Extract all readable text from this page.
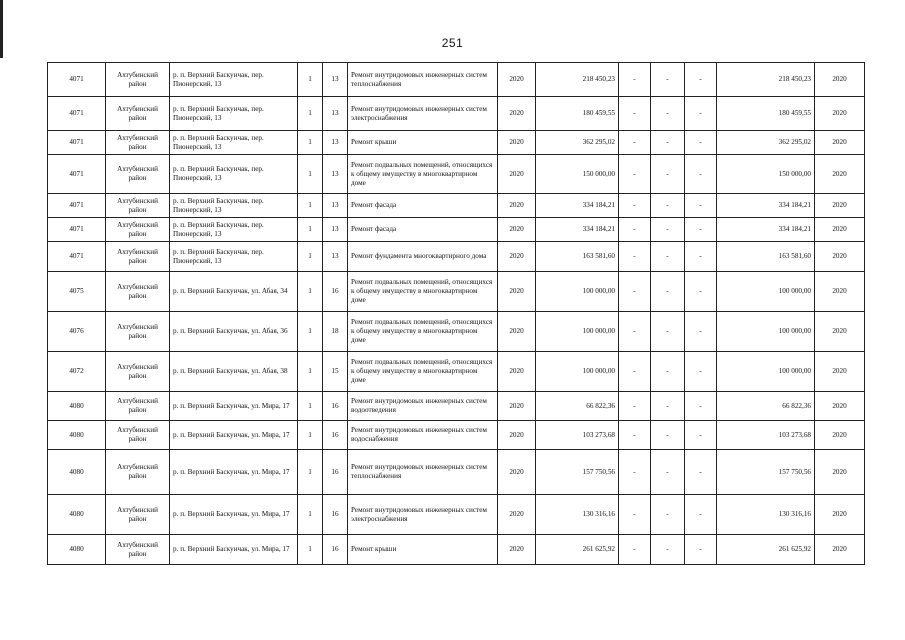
251
4071	Ахтубинский район	р. п. Верхний Баскунчак, пер. Пионерский, 13	1	13	Ремонт внутридомовых инженерных систем теплоснабжения	2020	218 450,23	-	-	-	218 450,23	2020
4071	Ахтубинский район	р. п. Верхний Баскунчак, пер. Пионерский, 13	1	13	Ремонт внутридомовых инженерных систем электроснабжения	2020	180 459,55	-	-	-	180 459,55	2020
4071	Ахтубинский район	р. п. Верхний Баскунчак, пер. Пионерский, 13	1	13	Ремонт крыши	2020	362 295,02	-	-	-	362 295,02	2020
4071	Ахтубинский район	р. п. Верхний Баскунчак, пер. Пионерский, 13	1	13	Ремонт подвальных помещений, относящихся к общему имуществу в многоквартирном доме	2020	150 000,00	-	-	-	150 000,00	2020
4071	Ахтубинский район	р. п. Верхний Баскунчак, пер. Пионерский, 13	1	13	Ремонт фасада	2020	334 184,21	-	-	-	334 184,21	2020
4071	Ахтубинский район	р. п. Верхний Баскунчак, пер. Пионерский, 13	1	13	Ремонт фасада	2020	334 184,21	-	-	-	334 184,21	2020
4071	Ахтубинский район	р. п. Верхний Баскунчак, пер. Пионерский, 13	1	13	Ремонт фундамента многоквартирного дома	2020	163 581,60	-	-	-	163 581,60	2020
4075	Ахтубинский район	р. п. Верхний Баскунчак, ул. Абая, 34	1	16	Ремонт подвальных помещений, относящихся к общему имуществу в многоквартирном доме	2020	100 000,00	-	-	-	100 000,00	2020
4076	Ахтубинский район	р. п. Верхний Баскунчак, ул. Абая, 36	1	18	Ремонт подвальных помещений, относящихся к общему имуществу в многоквартирном доме	2020	100 000,00	-	-	-	100 000,00	2020
4072	Ахтубинский район	р. п. Верхний Баскунчак, ул. Абая, 38	1	15	Ремонт подвальных помещений, относящихся к общему имуществу в многоквартирном доме	2020	100 000,00	-	-	-	100 000,00	2020
4080	Ахтубинский район	р. п. Верхний Баскунчак, ул. Мира, 17	1	16	Ремонт внутридомовых инженерных систем водоотведения	2020	66 822,36	-	-	-	66 822,36	2020
4080	Ахтубинский район	р. п. Верхний Баскунчак, ул. Мира, 17	1	16	Ремонт внутридомовых инженерных систем водоснабжения	2020	103 273,68	-	-	-	103 273,68	2020
4080	Ахтубинский район	р. п. Верхний Баскунчак, ул. Мира, 17	1	16	Ремонт внутридомовых инженерных систем теплоснабжения	2020	157 750,56	-	-	-	157 750,56	2020
4080	Ахтубинский район	р. п. Верхний Баскунчак, ул. Мира, 17	1	16	Ремонт внутридомовых инженерных систем электроснабжения	2020	130 316,16	-	-	-	130 316,16	2020
4080	Ахтубинский район	р. п. Верхний Баскунчак, ул. Мира, 17	1	16	Ремонт крыши	2020	261 625,92	-	-	-	261 625,92	2020
